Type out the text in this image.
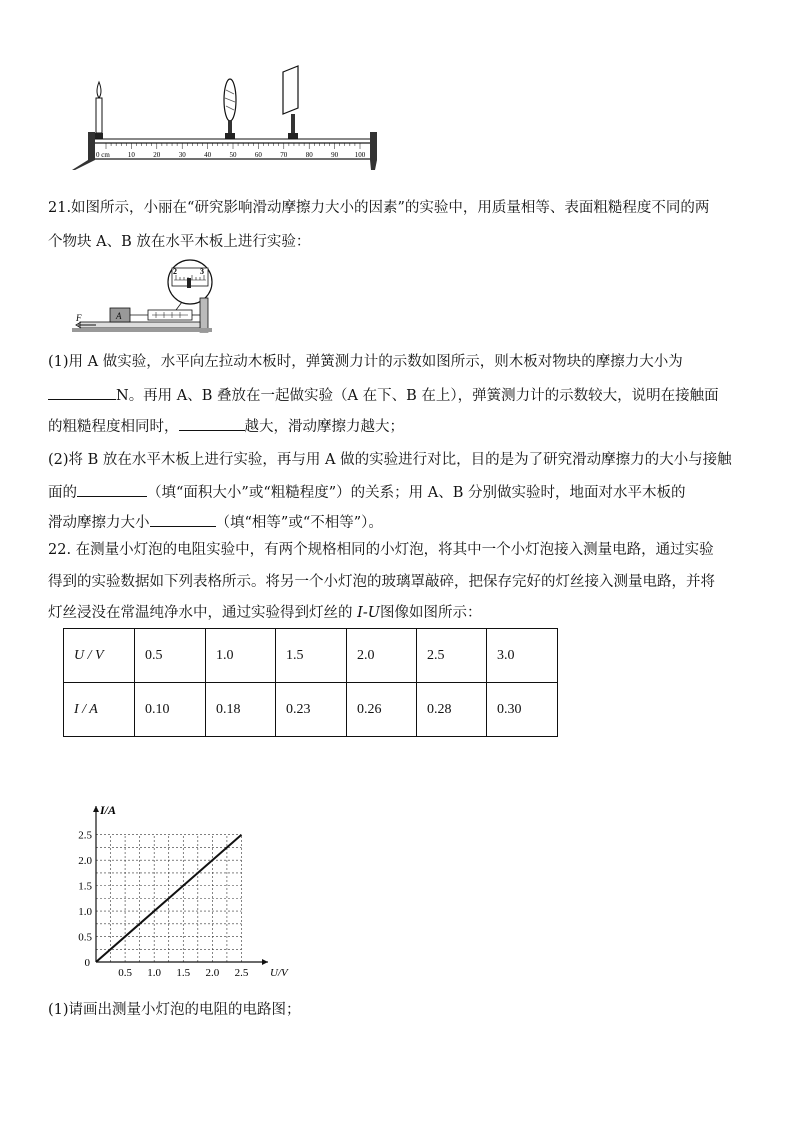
0 cm	10	20	30	40	50	60	70	80	90 100
21.如图所示，小丽在“研究影响滑动摩擦力大小的因素”的实验中，用质量相等、表面粗糙程度不同的两
个物块 A、B 放在水平木板上进行实验：
2	3
A
F
(1)用 A 做实验，水平向左拉动木板时，弹簧测力计的示数如图所示，则木板对物块的摩擦力大小为
N。再用 A、B 叠放在一起做实验（A 在下、B 在上），弹簧测力计的示数较大，说明在接触面
的粗糙程度相同时，	越大，滑动摩擦力越大；
(2)将 B 放在水平木板上进行实验，再与用 A 做的实验进行对比，目的是为了研究滑动摩擦力的大小与接触
面的	（填“面积大小”或“粗糙程度”）的关系；用 A、B 分别做实验时，地面对水平木板的
滑动摩擦力大小	（填“相等”或“不相等”）。
22. 在测量小灯泡的电阻实验中，有两个规格相同的小灯泡，将其中一个小灯泡接入测量电路，通过实验
得到的实验数据如下列表格所示。将另一个小灯泡的玻璃罩敲碎，把保存完好的灯丝接入测量电路，并将
灯丝浸没在常温纯净水中，通过实验得到灯丝的 I-U图像如图所示：
U / V	0.5	1.0	1.5	2.0	2.5	3.0
I / A	0.10	0.18	0.23	0.26	0.28	0.30
0.5 1.0 1.5 2.0 2.5
0.5
1.0
1.5
2.0
2.5
0
U/V
I/A
(1)请画出测量小灯泡的电阻的电路图；
